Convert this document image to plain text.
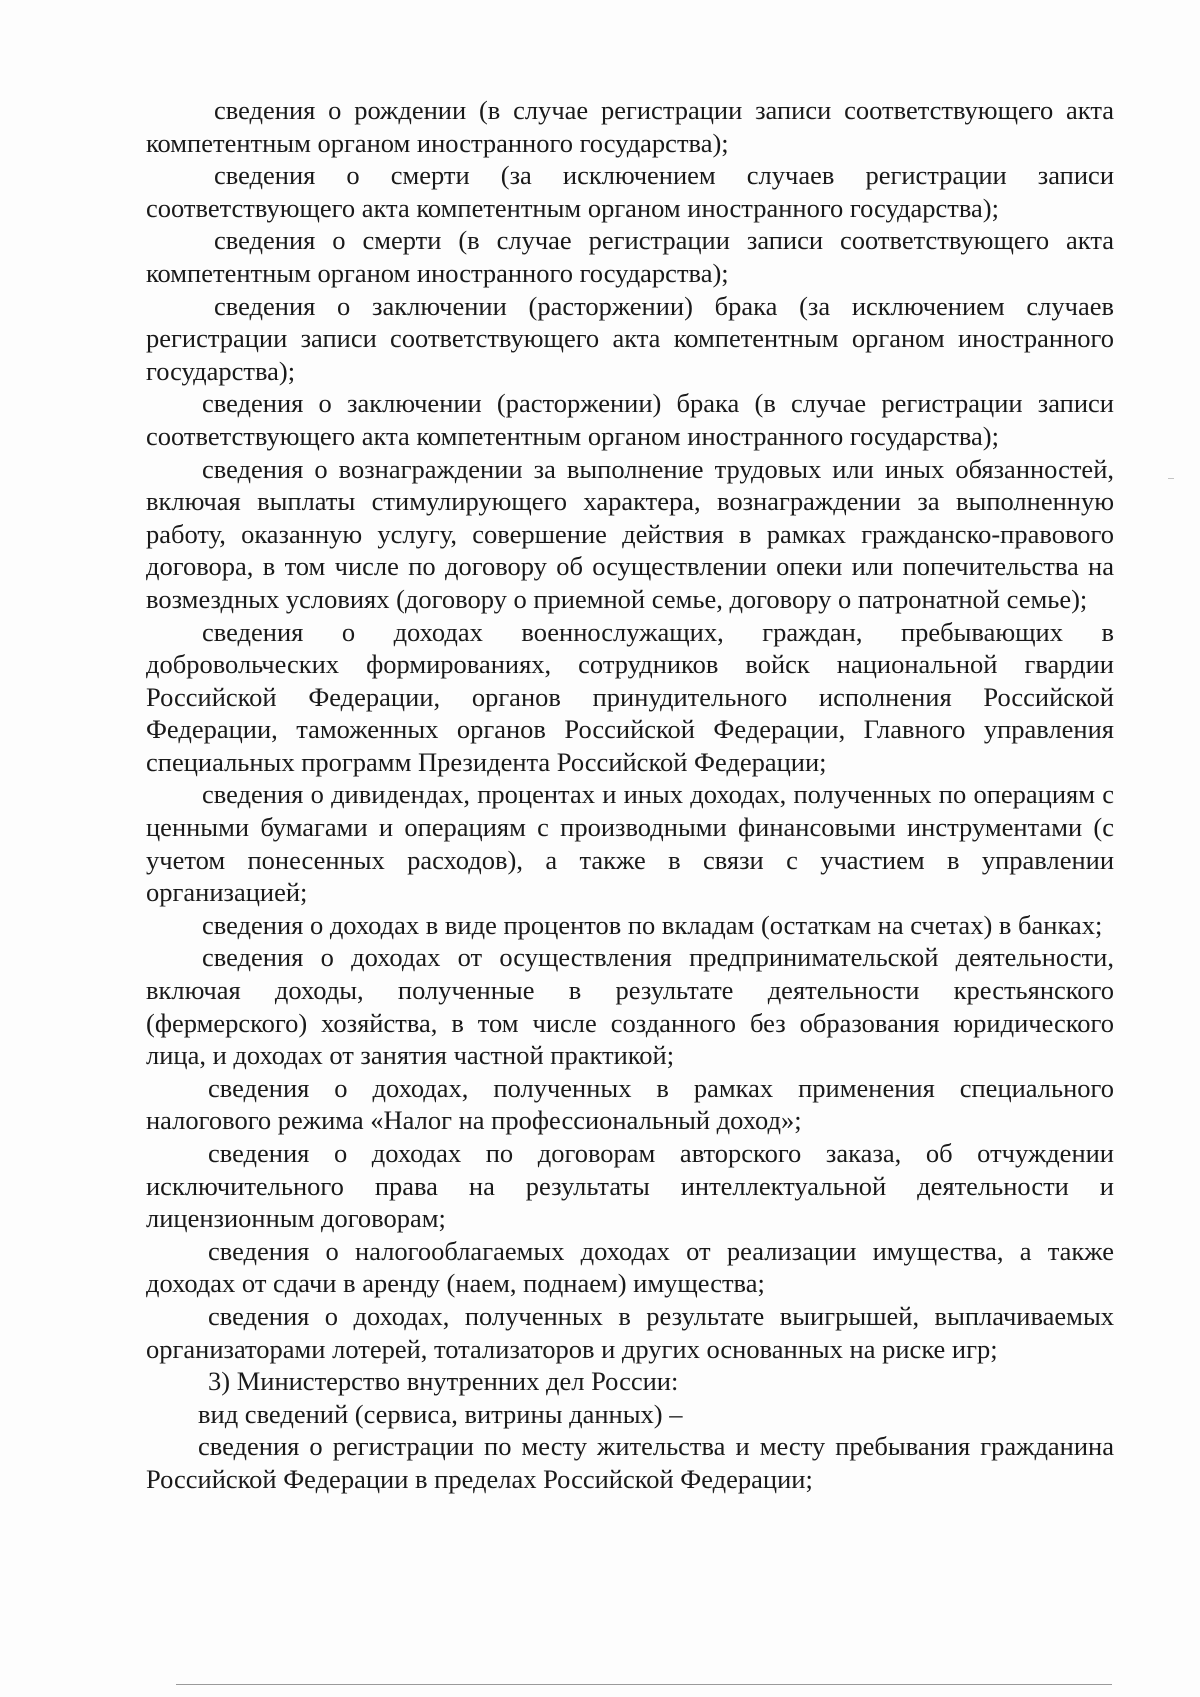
сведения о рождении (в случае регистрации записи соответствующего акта компетентным органом иностранного государства);

сведения о смерти (за исключением случаев регистрации записи соответствующего акта компетентным органом иностранного государства);

сведения о смерти (в случае регистрации записи соответствующего акта компетентным органом иностранного государства);

сведения о заключении (расторжении) брака (за исключением случаев регистрации записи соответствующего акта компетентным органом иностранного государства);

сведения о заключении (расторжении) брака (в случае регистрации записи соответствующего акта компетентным органом иностранного государства);

сведения о вознаграждении за выполнение трудовых или иных обязанностей, включая выплаты стимулирующего характера, вознаграждении за выполненную работу, оказанную услугу, совершение действия в рамках гражданско-правового договора, в том числе по договору об осуществлении опеки или попечительства на возмездных условиях (договору о приемной семье, договору о патронатной семье);

сведения о доходах военнослужащих, граждан, пребывающих в добровольческих формированиях, сотрудников войск национальной гвардии Российской Федерации, органов принудительного исполнения Российской Федерации, таможенных органов Российской Федерации, Главного управления специальных программ Президента Российской Федерации;

сведения о дивидендах, процентах и иных доходах, полученных по операциям с ценными бумагами и операциям с производными финансовыми инструментами (с учетом понесенных расходов), а также в связи с участием в управлении организацией;

сведения о доходах в виде процентов по вкладам (остаткам на счетах) в банках;

сведения о доходах от осуществления предпринимательской деятельности, включая доходы, полученные в результате деятельности крестьянского (фермерского) хозяйства, в том числе созданного без образования юридического лица, и доходах от занятия частной практикой;

сведения о доходах, полученных в рамках применения специального налогового режима «Налог на профессиональный доход»;

сведения о доходах по договорам авторского заказа, об отчуждении исключительного права на результаты интеллектуальной деятельности и лицензионным договорам;

сведения о налогооблагаемых доходах от реализации имущества, а также доходах от сдачи в аренду (наем, поднаем) имущества;

сведения о доходах, полученных в результате выигрышей, выплачиваемых организаторами лотерей, тотализаторов и других основанных на риске игр;

3) Министерство внутренних дел России:

вид сведений (сервиса, витрины данных) –

сведения о регистрации по месту жительства и месту пребывания гражданина Российской Федерации в пределах Российской Федерации;
